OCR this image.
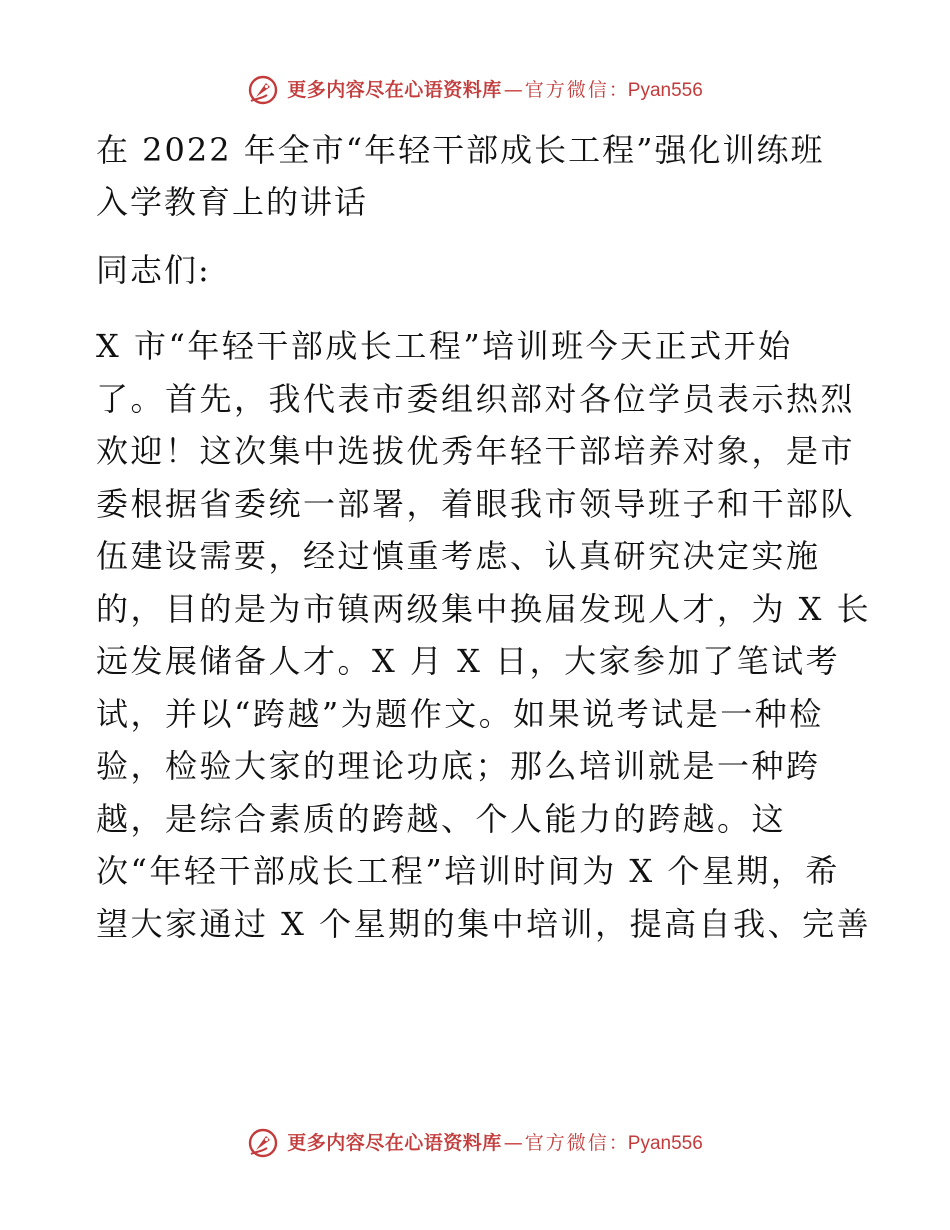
更多内容尽在心语资料库 — 官方微信 ： Pyan556
在 2022 年全市“年轻干部成长工程”强化训练班
入学教育上的讲话

同志们:

X 市“年轻干部成长工程”培训班今天正式开始
了。首先，我代表市委组织部对各位学员表示热烈
欢迎！这次集中选拔优秀年轻干部培养对象，是市
委根据省委统一部署，着眼我市领导班子和干部队
伍建设需要，经过慎重考虑、认真研究决定实施
的，目的是为市镇两级集中换届发现人才，为 X 长
远发展储备人才。X 月 X 日，大家参加了笔试考
试，并以“跨越”为题作文。如果说考试是一种检
验，检验大家的理论功底；那么培训就是一种跨
越，是综合素质的跨越、个人能力的跨越。这
次“年轻干部成长工程”培训时间为 X 个星期，希
望大家通过 X 个星期的集中培训，提高自我、完善

更多内容尽在心语资料库 — 官方微信 ： Pyan556
